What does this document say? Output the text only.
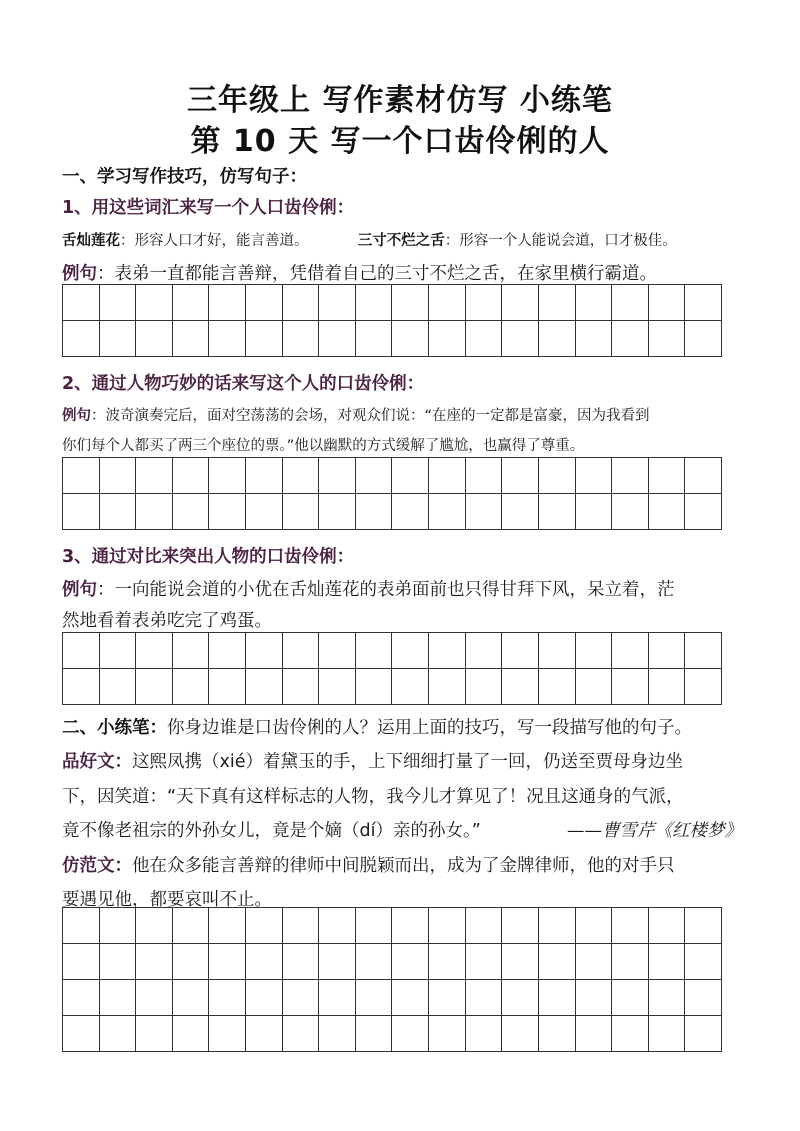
三年级上 写作素材仿写 小练笔
第 10 天 写一个口齿伶俐的人
一、学习写作技巧，仿写句子：
1、用这些词汇来写一个人口齿伶俐：
舌灿莲花：形容人口才好，能言善道。	三寸不烂之舌：形容一个人能说会道，口才极佳。
例句：表弟一直都能言善辩，凭借着自己的三寸不烂之舌，在家里横行霸道。
2、通过人物巧妙的话来写这个人的口齿伶俐：
例句：波奇演奏完后，面对空荡荡的会场，对观众们说：“在座的一定都是富豪，因为我看到
你们每个人都买了两三个座位的票。”他以幽默的方式缓解了尴尬，也赢得了尊重。
3、通过对比来突出人物的口齿伶俐：
例句：一向能说会道的小优在舌灿莲花的表弟面前也只得甘拜下风，呆立着，茫
然地看着表弟吃完了鸡蛋。
二、小练笔：你身边谁是口齿伶俐的人？运用上面的技巧，写一段描写他的句子。
品好文：这熙凤携（xié）着黛玉的手，上下细细打量了一回，仍送至贾母身边坐
下，因笑道：“天下真有这样标志的人物，我今儿才算见了！况且这通身的气派，
竟不像老祖宗的外孙女儿，竟是个嫡（dí）亲的孙女。”	——曹雪芹《红楼梦》
仿范文：他在众多能言善辩的律师中间脱颖而出，成为了金牌律师，他的对手只
要遇见他，都要哀叫不止。
